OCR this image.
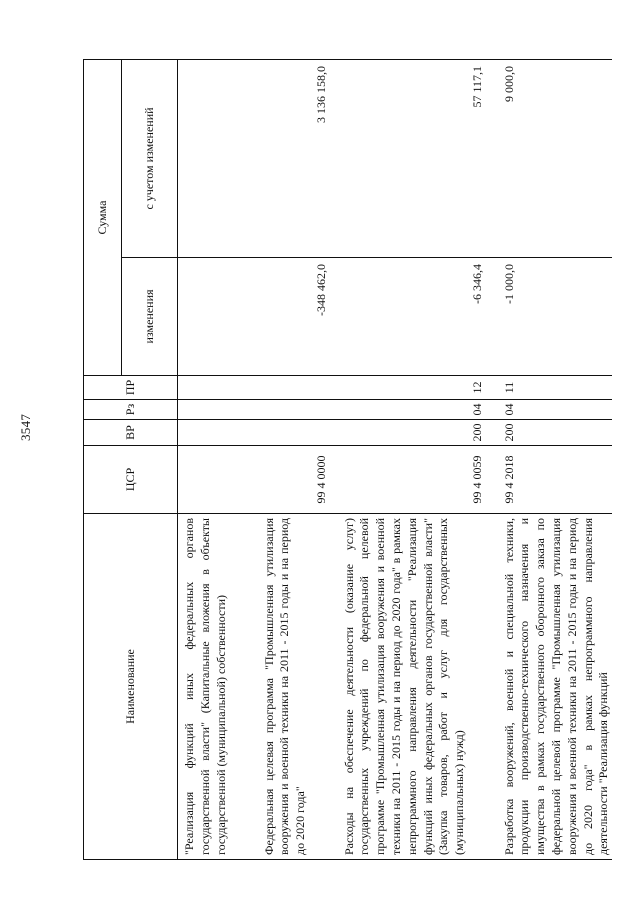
3547
Наименование	ЦСР	ВР	Рз	ПР	Сумма	
					изменения	с учетом изменений

"Реализация функций иных федеральных органов государственной власти" (Капитальные вложения в объекты государственной (муниципальной) собственности)						

Федеральная целевая программа "Промышленная утилизация вооружения и военной техники на 2011 - 2015 годы и на период до 2020 года"	99 4 0000				-348 462,0	3 136 158,0

Расходы на обеспечение деятельности (оказание услуг) государственных учреждений по федеральной целевой программе "Промышленная утилизация вооружения и военной техники на 2011 - 2015 годы и на период до 2020 года" в рамках непрограммного направления деятельности "Реализация функций иных федеральных органов государственной власти" (Закупка товаров, работ и услуг для государственных (муниципальных) нужд)	99 4 0059	200	04	12	-6 346,4	57 117,1

Разработка вооружений, военной и специальной техники, продукции производственно-технического назначения и имущества в рамках государственного оборонного заказа по федеральной целевой программе "Промышленная утилизация вооружения и военной техники на 2011 - 2015 годы и на период до 2020 года" в рамках непрограммного направления деятельности "Реализация функций	99 4 2018	200	04	11	-1 000,0	9 000,0
